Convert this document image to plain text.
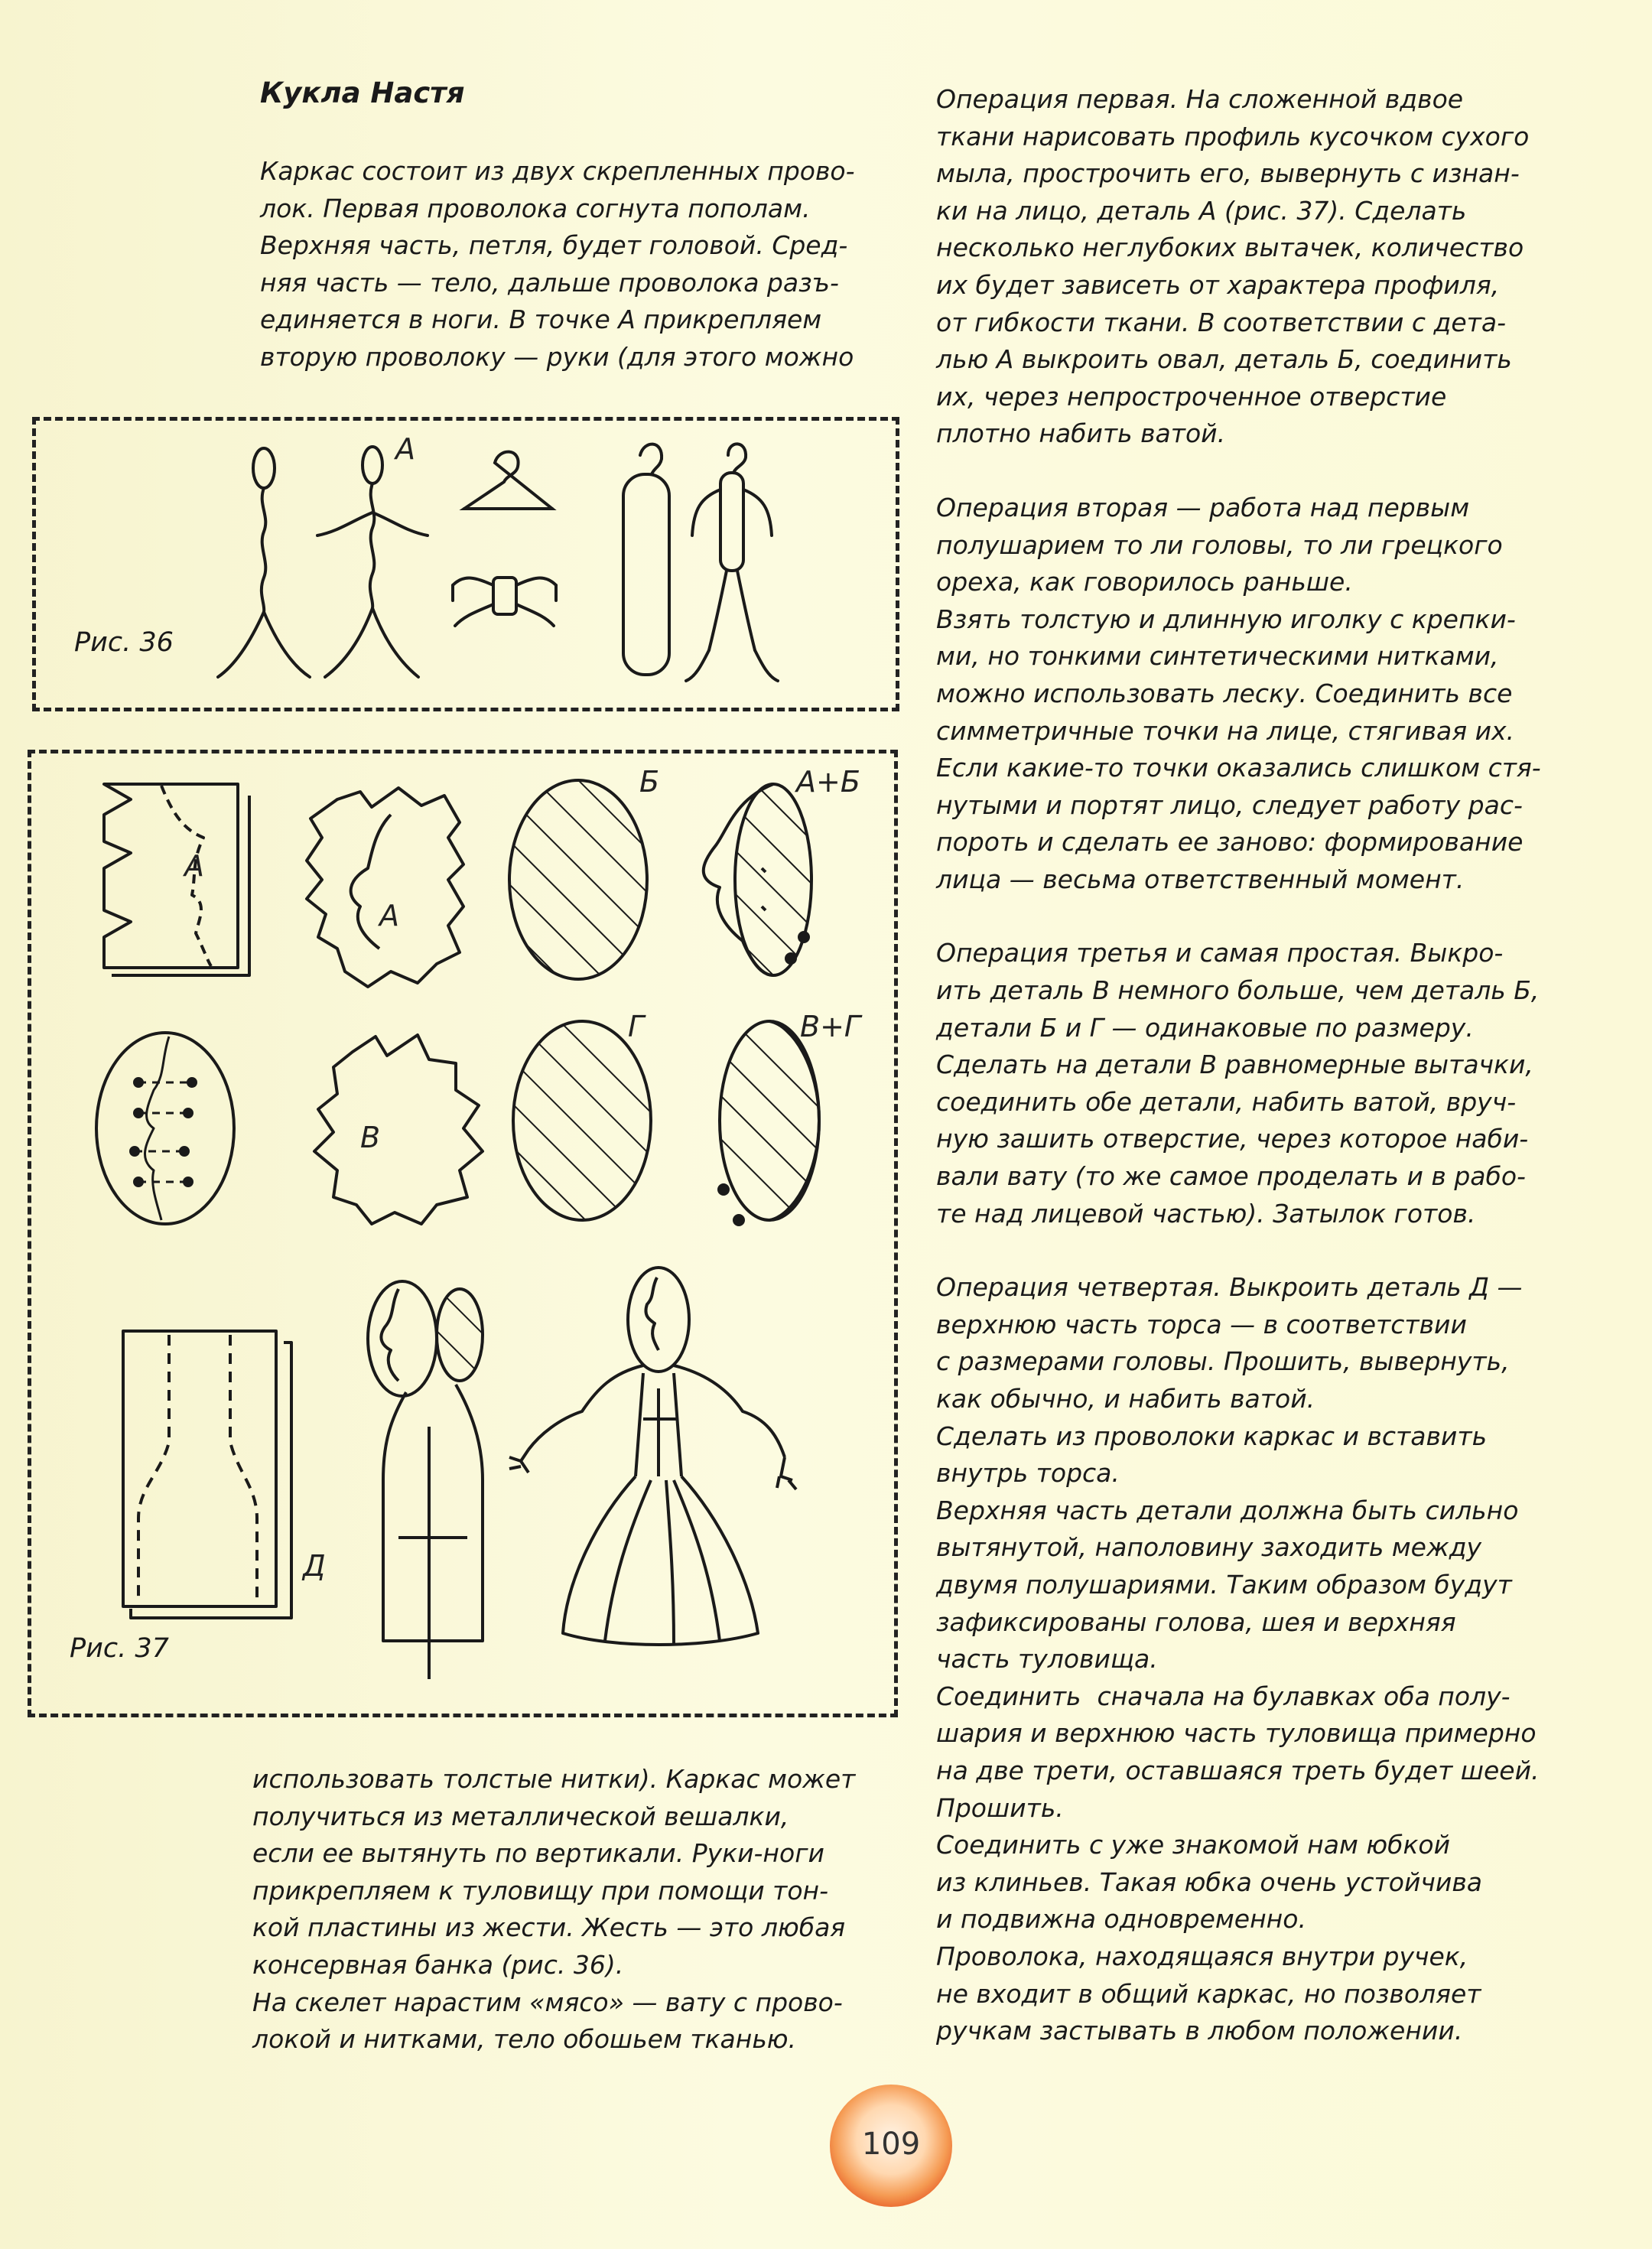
Кукла Настя

Каркас состоит из двух скрепленных прово-

лок. Первая проволока согнута пополам.

Верхняя часть, петля, будет головой. Сред-

няя часть — тело, дальше проволока разъ-

единяется в ноги. В точке А прикрепляем

вторую проволоку — руки (для этого можно

А
Рис. 36
А
А
Б	А+Б
В
Г	В+Г
Д
Рис. 37

использовать толстые нитки). Каркас может

получиться из металлической вешалки,

если ее вытянуть по вертикали. Руки-ноги

прикрепляем к туловищу при помощи тон-

кой пластины из жести. Жесть — это любая

консервная банка (рис. 36).

На скелет нарастим «мясо» — вату с прово-

локой и нитками, тело обошьем тканью.

Операция первая. На сложенной вдвое

ткани нарисовать профиль кусочком сухого

мыла, прострочить его, вывернуть с изнан-

ки на лицо, деталь А (рис. 37). Сделать

несколько неглубоких вытачек, количество

их будет зависеть от характера профиля,

от гибкости ткани. В соответствии с дета-

лью А выкроить овал, деталь Б, соединить

их, через непростроченное отверстие

плотно набить ватой.

Операция вторая — работа над первым

полушарием то ли головы, то ли грецкого

ореха, как говорилось раньше.

Взять толстую и длинную иголку с крепки-

ми, но тонкими синтетическими нитками,

можно использовать леску. Соединить все

симметричные точки на лице, стягивая их.

Если какие-то точки оказались слишком стя-

нутыми и портят лицо, следует работу рас-

пороть и сделать ее заново: формирование

лица — весьма ответственный момент.

Операция третья и самая простая. Выкро-

ить деталь В немного больше, чем деталь Б,

детали Б и Г — одинаковые по размеру.

Сделать на детали В равномерные вытачки,

соединить обе детали, набить ватой, вруч-

ную зашить отверстие, через которое наби-

вали вату (то же самое проделать и в рабо-

те над лицевой частью). Затылок готов.

Операция четвертая. Выкроить деталь Д —

верхнюю часть торса — в соответствии

с размерами головы. Прошить, вывернуть,

как обычно, и набить ватой.

Сделать из проволоки каркас и вставить

внутрь торса.

Верхняя часть детали должна быть сильно

вытянутой, наполовину заходить между

двумя полушариями. Таким образом будут

зафиксированы голова, шея и верхняя

часть туловища.

Соединить  сначала на булавках оба полу-

шария и верхнюю часть туловища примерно

на две трети, оставшаяся треть будет шеей.

Прошить.

Соединить с уже знакомой нам юбкой

из клиньев. Такая юбка очень устойчива

и подвижна одновременно.

Проволока, находящаяся внутри ручек,

не входит в общий каркас, но позволяет

ручкам застывать в любом положении.

109
